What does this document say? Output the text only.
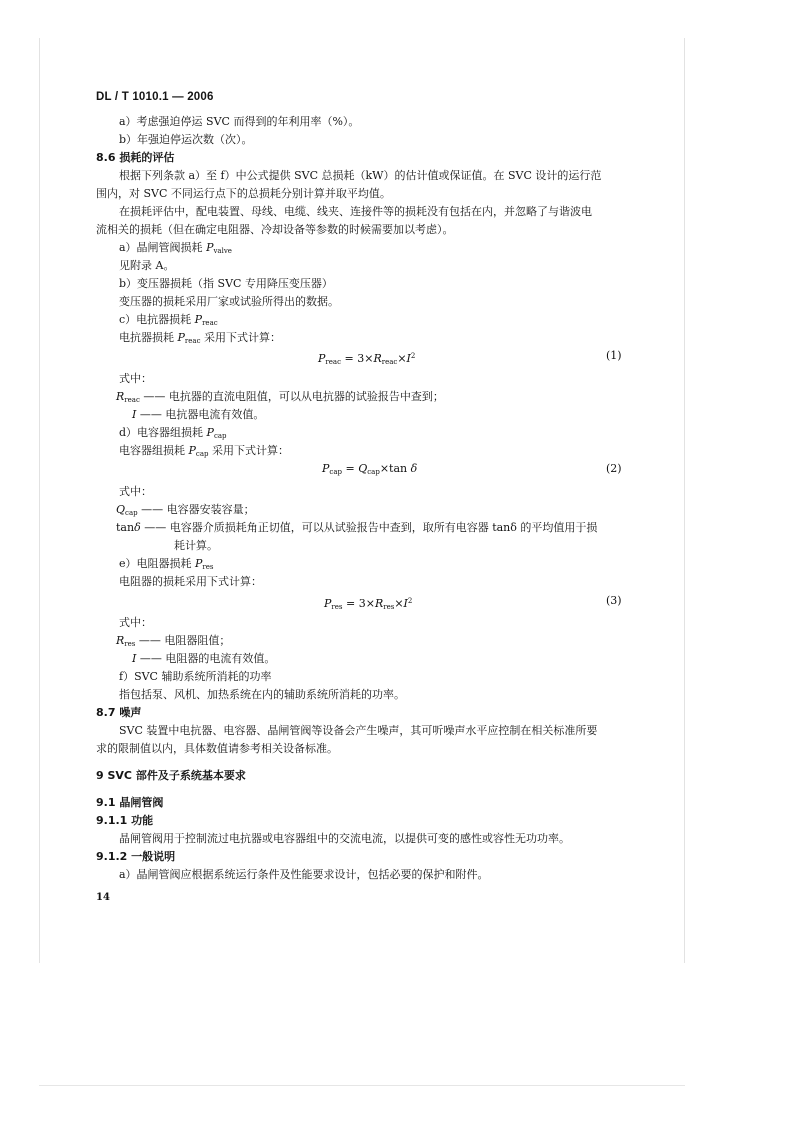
DL / T 1010.1 — 2006
a）考虑强迫停运 SVC 而得到的年利用率（%）。
b）年强迫停运次数（次）。
8.6 损耗的评估
根据下列条款 a）至 f）中公式提供 SVC 总损耗（kW）的估计值或保证值。在 SVC 设计的运行范
围内，对 SVC 不同运行点下的总损耗分别计算并取平均值。
在损耗评估中，配电装置、母线、电缆、线夹、连接件等的损耗没有包括在内，并忽略了与谐波电
流相关的损耗（但在确定电阻器、冷却设备等参数的时候需要加以考虑）。
a）晶闸管阀损耗 $P_{valve}$
见附录 A。
b）变压器损耗（指 SVC 专用降压变压器）
变压器的损耗采用厂家或试验所得出的数据。
c）电抗器损耗 $P_{reac}$
电抗器损耗 $P_{reac}$ 采用下式计算：
$P_{reac} = 3\times R_{reac}\times I^2$	(1)
式中：
$R_{reac}$ —— 电抗器的直流电阻值，可以从电抗器的试验报告中查到；
I —— 电抗器电流有效值。
d）电容器组损耗 $P_{cap}$
电容器组损耗 $P_{cap}$ 采用下式计算：
$P_{cap} = Q_{cap}\times\tan$ δ	(2)
式中：
$Q_{cap}$ —— 电容器安装容量；
tanδ —— 电容器介质损耗角正切值，可以从试验报告中查到，取所有电容器 tanδ 的平均值用于损
耗计算。
e）电阻器损耗 $P_{res}$
电阻器的损耗采用下式计算：
$P_{res} = 3\times R_{res}\times I^2$	(3)
式中：
$R_{res}$ —— 电阻器阻值；
I —— 电阻器的电流有效值。
f）SVC 辅助系统所消耗的功率
指包括泵、风机、加热系统在内的辅助系统所消耗的功率。
8.7 噪声
SVC 装置中电抗器、电容器、晶闸管阀等设备会产生噪声，其可听噪声水平应控制在相关标准所要
求的限制值以内，具体数值请参考相关设备标准。
9 SVC 部件及子系统基本要求
9.1 晶闸管阀
9.1.1 功能
晶闸管阀用于控制流过电抗器或电容器组中的交流电流，以提供可变的感性或容性无功功率。
9.1.2 一般说明
a）晶闸管阀应根据系统运行条件及性能要求设计，包括必要的保护和附件。
14
